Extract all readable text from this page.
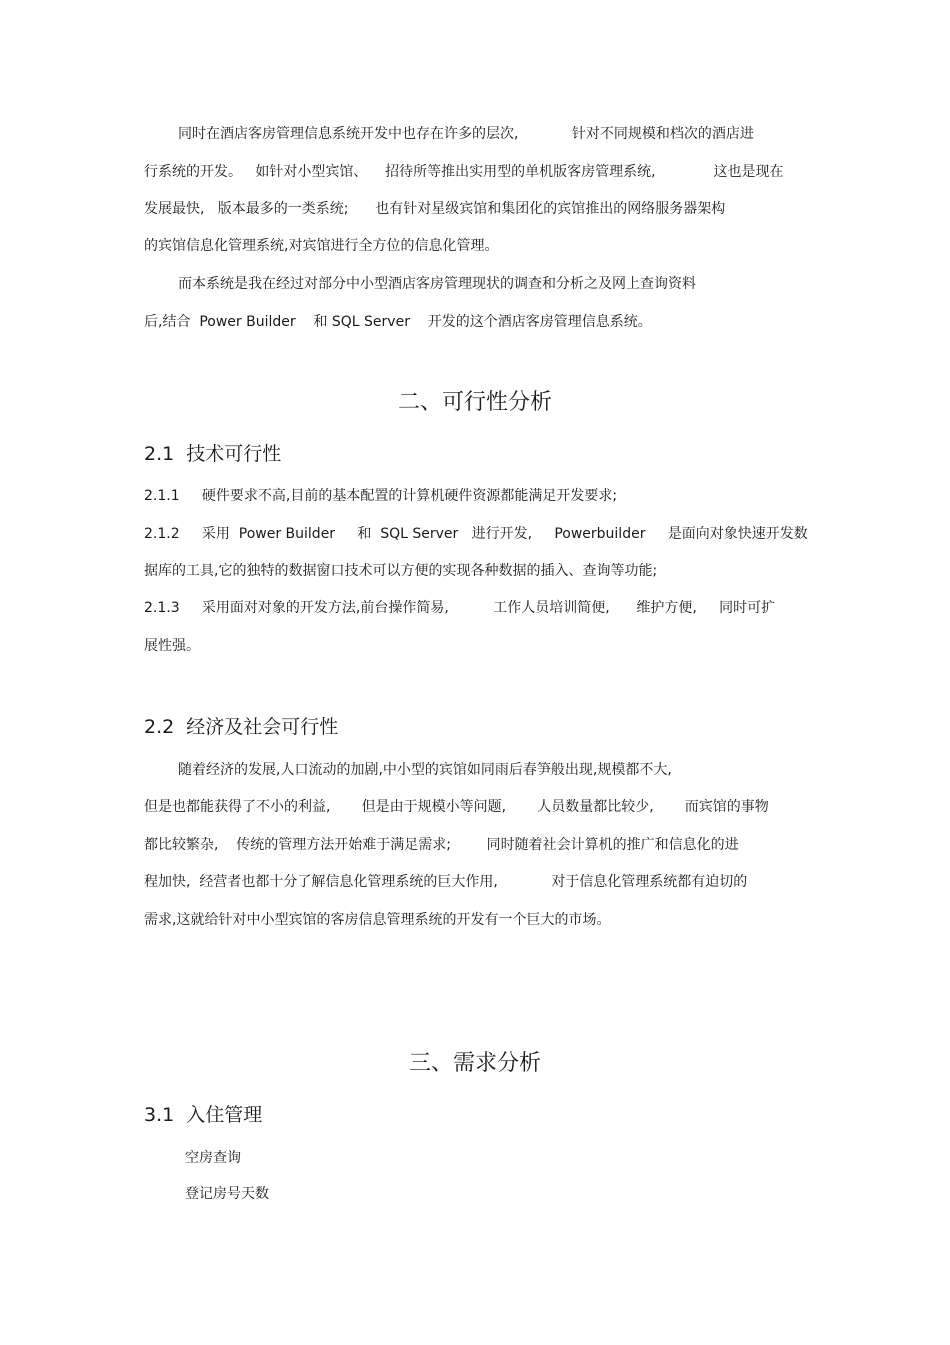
同时在酒店客房管理信息系统开发中也存在许多的层次,            针对不同规模和档次的酒店进
行系统的开发。   如针对小型宾馆、    招待所等推出实用型的单机版客房管理系统,             这也是现在
发展最快,   版本最多的一类系统;      也有针对星级宾馆和集团化的宾馆推出的网络服务器架构
的宾馆信息化管理系统,对宾馆进行全方位的信息化管理。
而本系统是我在经过对部分中小型酒店客房管理现状的调查和分析之及网上查询资料
后,结合  Power Builder    和 SQL Server    开发的这个酒店客房管理信息系统。
二、可行性分析
2.1  技术可行性
2.1.1     硬件要求不高,目前的基本配置的计算机硬件资源都能满足开发要求;
2.1.2     采用  Power Builder     和  SQL Server   进行开发,     Powerbuilder     是面向对象快速开发数
据库的工具,它的独特的数据窗口技术可以方便的实现各种数据的插入、查询等功能;
2.1.3     采用面对对象的开发方法,前台操作简易,          工作人员培训简便,      维护方便,     同时可扩
展性强。
2.2  经济及社会可行性
随着经济的发展,人口流动的加剧,中小型的宾馆如同雨后春笋般出现,规模都不大,
但是也都能获得了不小的利益,       但是由于规模小等问题,       人员数量都比较少,       而宾馆的事物
都比较繁杂,    传统的管理方法开始难于满足需求;        同时随着社会计算机的推广和信息化的进
程加快,  经营者也都十分了解信息化管理系统的巨大作用,            对于信息化管理系统都有迫切的
需求,这就给针对中小型宾馆的客房信息管理系统的开发有一个巨大的市场。
三、需求分析
3.1  入住管理
空房查询
登记房号天数
